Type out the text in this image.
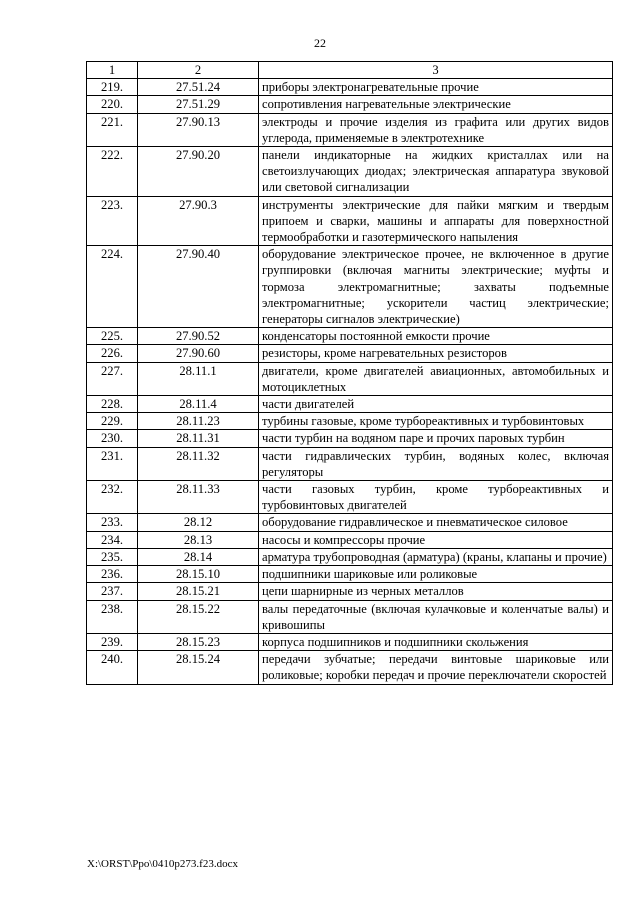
22
1	2	3
219.	27.51.24	приборы электронагревательные прочие
220.	27.51.29	сопротивления нагревательные электрические
221.	27.90.13	электроды и прочие изделия из графита или других видов углерода, применяемые в электротехнике
222.	27.90.20	панели индикаторные на жидких кристаллах или на светоизлучающих диодах; электрическая аппаратура звуковой или световой сигнализации
223.	27.90.3	инструменты электрические для пайки мягким и твердым припоем и сварки, машины и аппараты для поверхностной термообработки и газотермического напыления
224.	27.90.40	оборудование электрическое прочее, не включенное в другие группировки (включая магниты электрические; муфты и тормоза электромагнитные; захваты подъемные электромагнитные; ускорители частиц электрические; генераторы сигналов электрические)
225.	27.90.52	конденсаторы постоянной емкости прочие
226.	27.90.60	резисторы, кроме нагревательных резисторов
227.	28.11.1	двигатели, кроме двигателей авиационных, автомобильных и мотоциклетных
228.	28.11.4	части двигателей
229.	28.11.23	турбины газовые, кроме турбореактивных и турбовинтовых
230.	28.11.31	части турбин на водяном паре и прочих паровых турбин
231.	28.11.32	части гидравлических турбин, водяных колес, включая регуляторы
232.	28.11.33	части газовых турбин, кроме турбореактивных и турбовинтовых двигателей
233.	28.12	оборудование гидравлическое и пневматическое силовое
234.	28.13	насосы и компрессоры прочие
235.	28.14	арматура трубопроводная (арматура) (краны, клапаны и прочие)
236.	28.15.10	подшипники шариковые или роликовые
237.	28.15.21	цепи шарнирные из черных металлов
238.	28.15.22	валы передаточные (включая кулачковые и коленчатые валы) и кривошипы
239.	28.15.23	корпуса подшипников и подшипники скольжения
240.	28.15.24	передачи зубчатые; передачи винтовые шариковые или роликовые; коробки передач и прочие переключатели скоростей
X:\ORST\Ppo\0410p273.f23.docx
